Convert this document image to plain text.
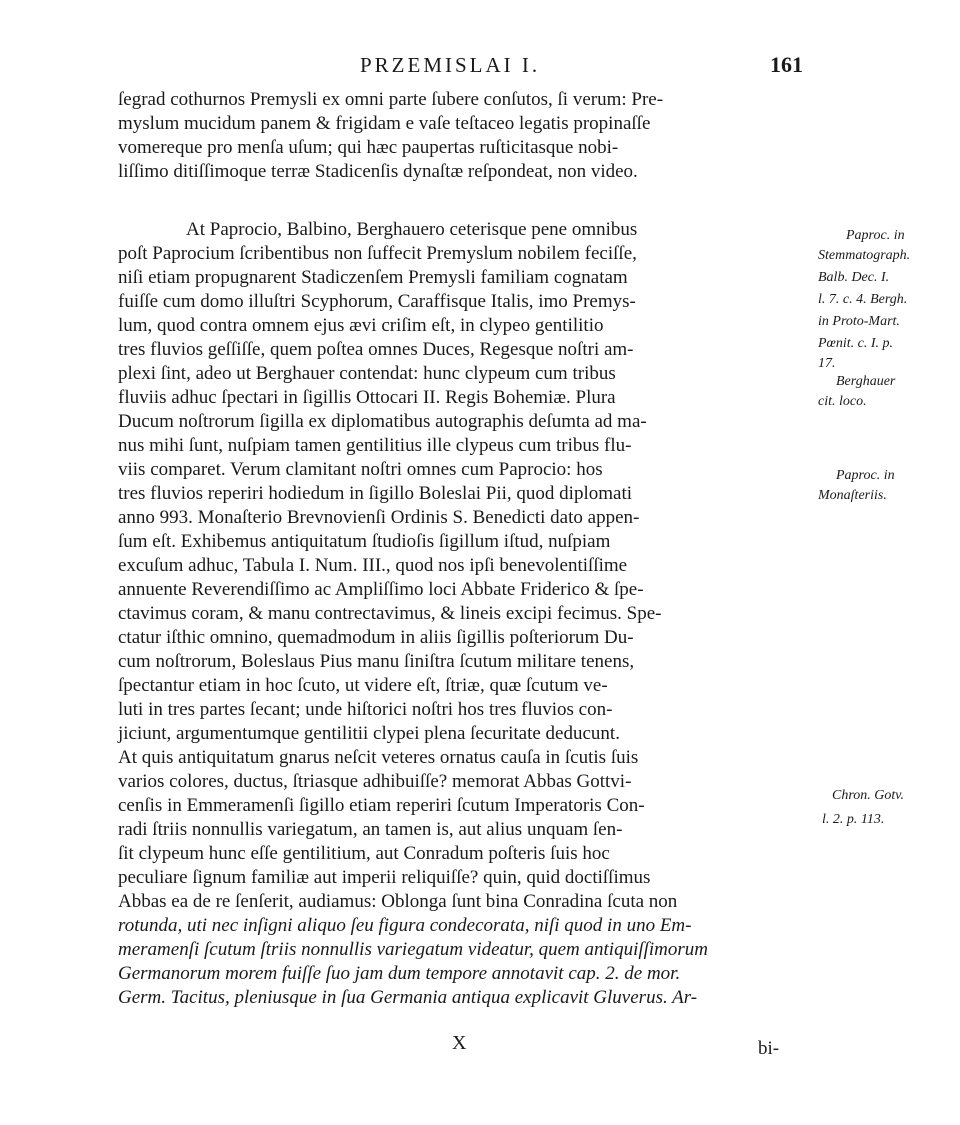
PRZEMISLAI I.	161
ſegrad cothurnos Premysli ex omni parte ſubere conſutos, ſi verum: Pre-
myslum mucidum panem & frigidam e vaſe teſtaceo legatis propinaſſe
vomereque pro menſa uſum; qui hæc paupertas ruſticitasque nobi-
liſſimo ditiſſimoque terræ Stadicenſis dynaſtæ reſpondeat, non video.
At Paprocio, Balbino, Berghauero ceterisque pene omnibus
poſt Paprocium ſcribentibus non ſuffecit Premyslum nobilem feciſſe,
niſi etiam propugnarent Stadiczenſem Premysli familiam cognatam
fuiſſe cum domo illuſtri Scyphorum, Caraffisque Italis, imo Premys-
lum, quod contra omnem ejus ævi criſim eſt, in clypeo gentilitio
tres fluvios geſſiſſe, quem poſtea omnes Duces, Regesque noſtri am-
plexi ſint, adeo ut Berghauer contendat: hunc clypeum cum tribus
fluviis adhuc ſpectari in ſigillis Ottocari II. Regis Bohemiæ. Plura
Ducum noſtrorum ſigilla ex diplomatibus autographis deſumta ad ma-
nus mihi ſunt, nuſpiam tamen gentilitius ille clypeus cum tribus flu-
viis comparet. Verum clamitant noſtri omnes cum Paprocio: hos
tres fluvios reperiri hodiedum in ſigillo Boleslai Pii, quod diplomati
anno 993. Monaſterio Brevnovienſi Ordinis S. Benedicti dato appen-
ſum eſt. Exhibemus antiquitatum ſtudioſis ſigillum iſtud, nuſpiam
excuſum adhuc, Tabula I. Num. III., quod nos ipſi benevolentiſſime
annuente Reverendiſſimo ac Ampliſſimo loci Abbate Friderico & ſpe-
ctavimus coram, & manu contrectavimus, & lineis excipi fecimus. Spe-
ctatur iſthic omnino, quemadmodum in aliis ſigillis poſteriorum Du-
cum noſtrorum, Boleslaus Pius manu ſiniſtra ſcutum militare tenens,
ſpectantur etiam in hoc ſcuto, ut videre eſt, ſtriæ, quæ ſcutum ve-
luti in tres partes ſecant; unde hiſtorici noſtri hos tres fluvios con-
jiciunt, argumentumque gentilitii clypei plena ſecuritate deducunt.
At quis antiquitatum gnarus neſcit veteres ornatus cauſa in ſcutis ſuis
varios colores, ductus, ſtriasque adhibuiſſe? memorat Abbas Gottvi-
cenſis in Emmeramenſi ſigillo etiam reperiri ſcutum Imperatoris Con-
radi ſtriis nonnullis variegatum, an tamen is, aut alius unquam ſen-
ſit clypeum hunc eſſe gentilitium, aut Conradum poſteris ſuis hoc
peculiare ſignum familiæ aut imperii reliquiſſe? quin, quid doctiſſimus
Abbas ea de re ſenſerit, audiamus: Oblonga ſunt bina Conradina ſcuta non
rotunda, uti nec inſigni aliquo ſeu figura condecorata, niſi quod in uno Em-
meramenſi ſcutum ſtriis nonnullis variegatum videatur, quem antiquiſſimorum
Germanorum morem fuiſſe ſuo jam dum tempore annotavit cap. 2. de mor.
Germ. Tacitus, pleniusque in ſua Germania antiqua explicavit Gluverus. Ar-
Paproc. in
Stemmatograph.
Balb. Dec. I.
l. 7. c. 4. Bergh.
in Proto-Mart.
Pœnit. c. I. p.
17.
Berghauer
cit. loco.
Paproc. in
Monaſteriis.
Chron. Gotv.
l. 2. p. 113.
X	bi-
